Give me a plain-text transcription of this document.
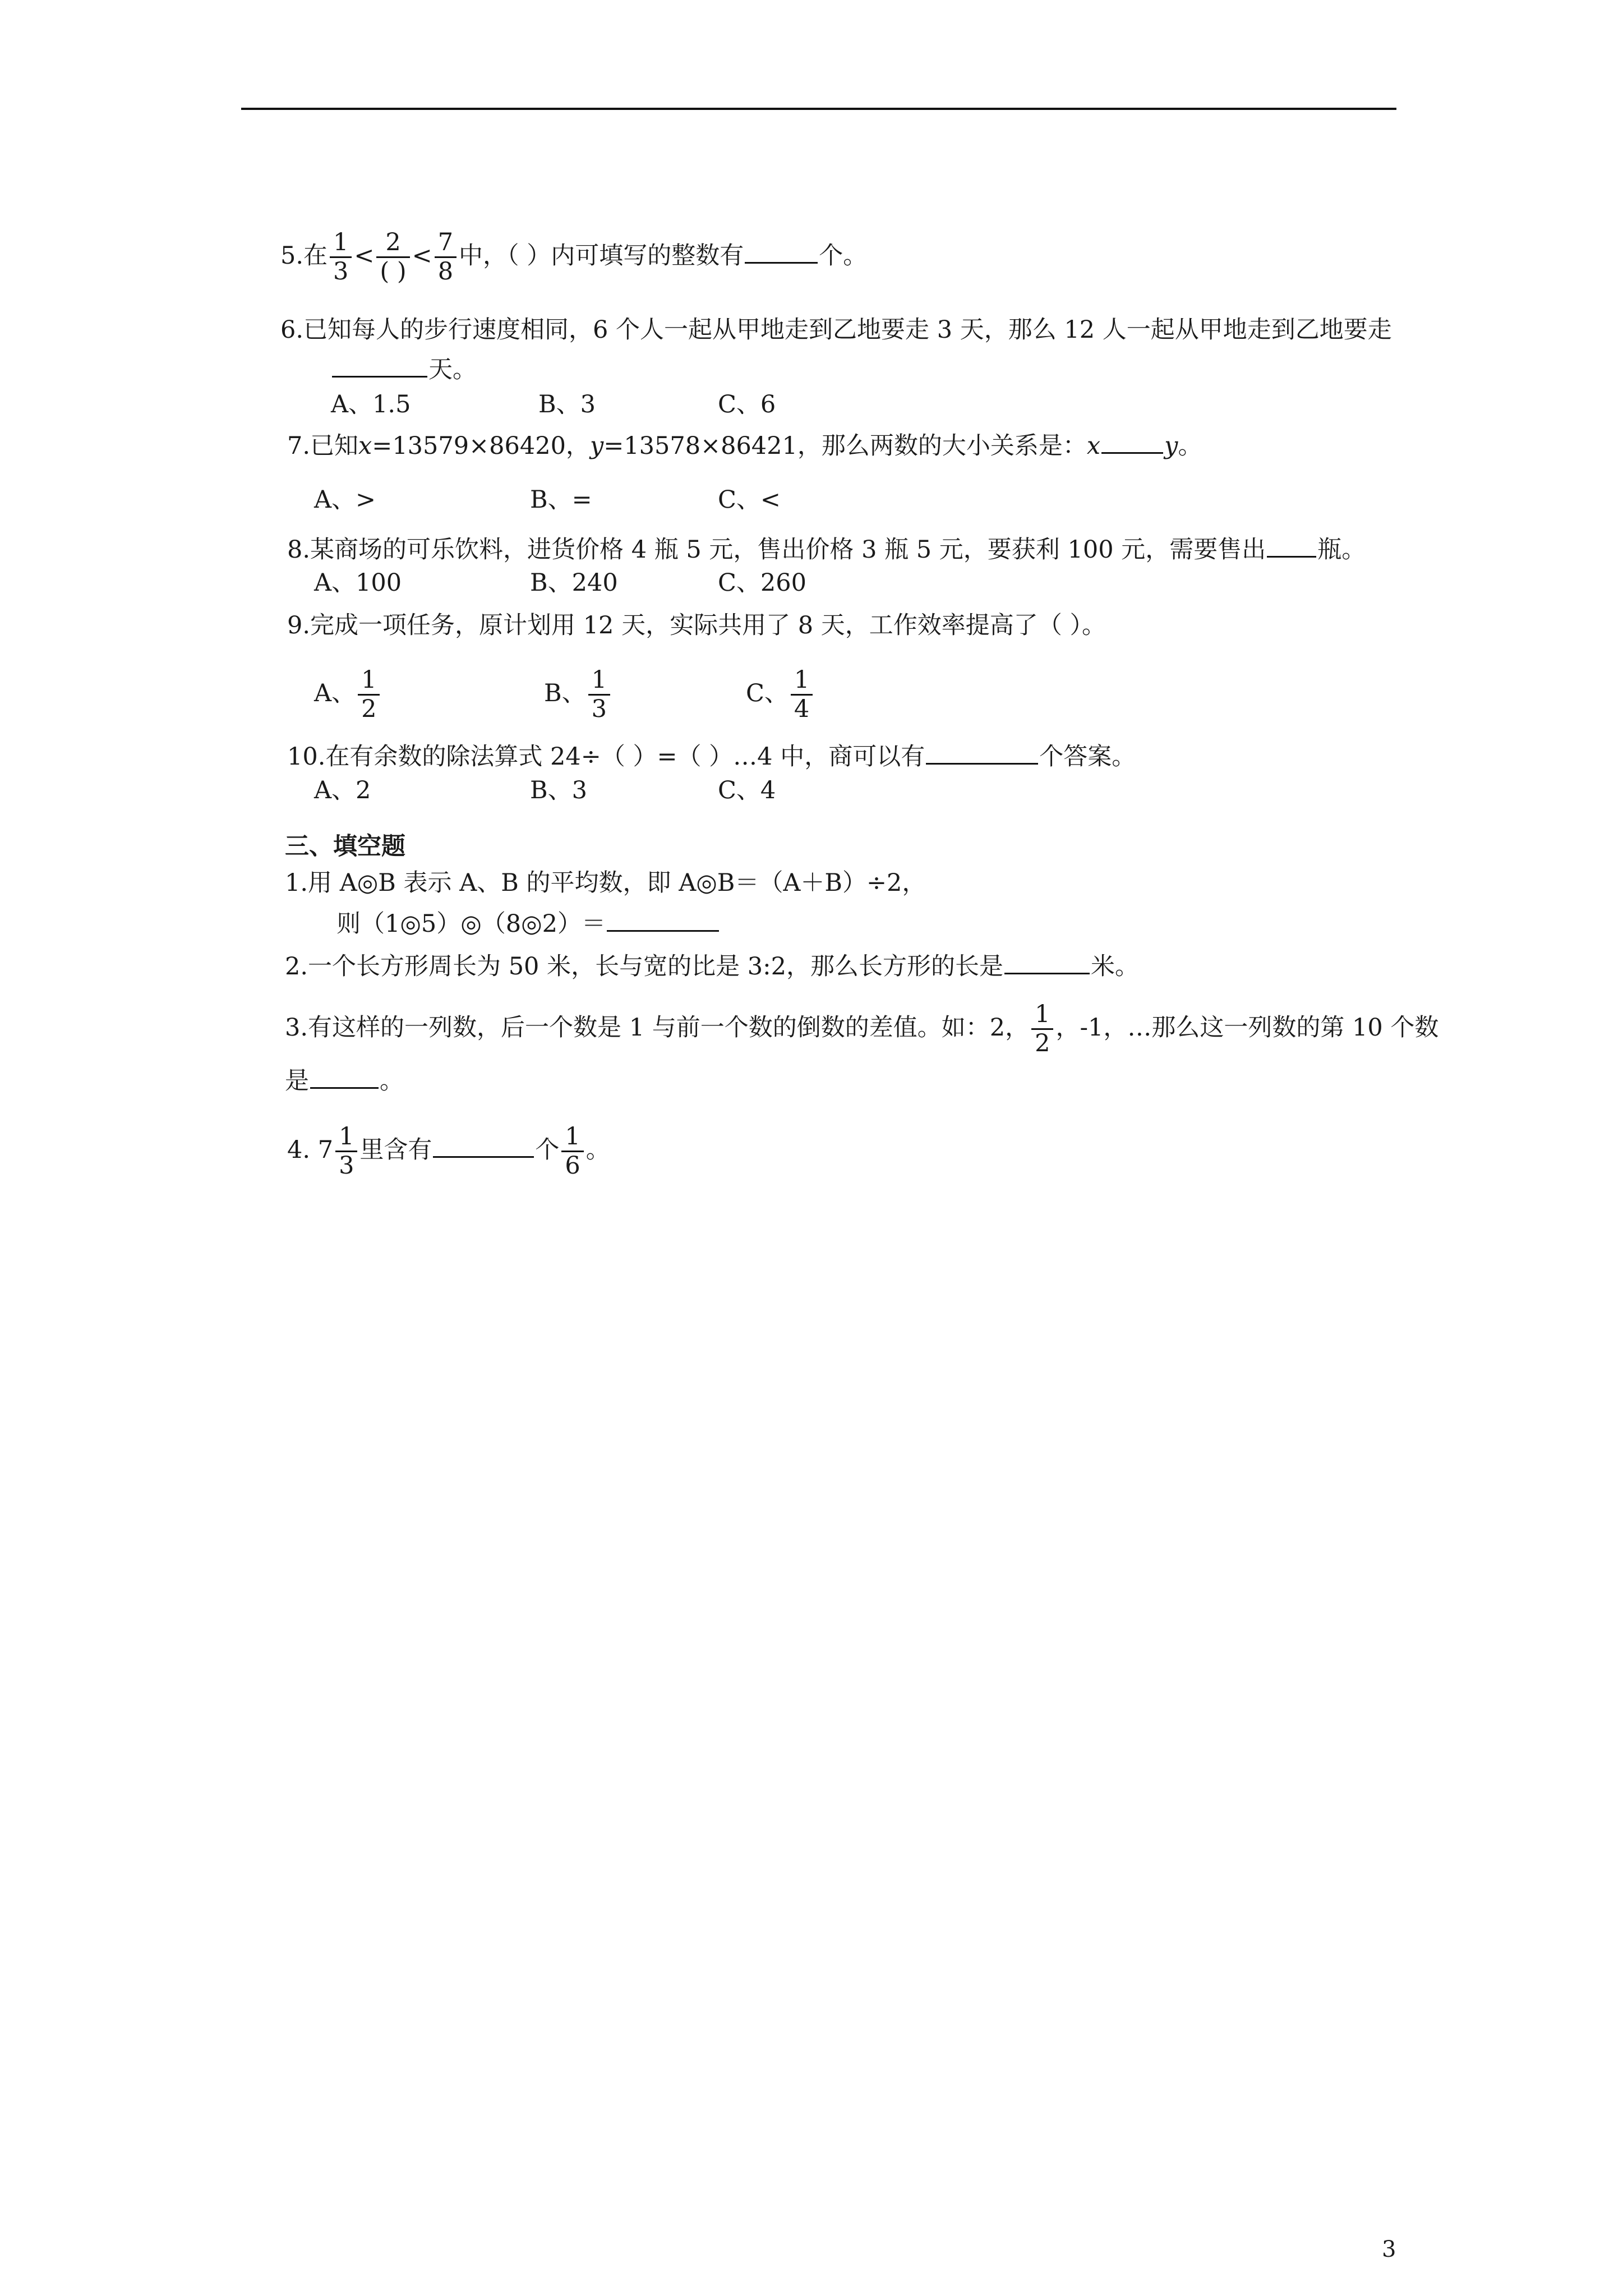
5.在 $\frac{1}{3} < \frac{2}{( )} < \frac{7}{8}$ 中，（ ）内可填写的整数有	个。
6.已知每人的步行速度相同，6 个人一起从甲地走到乙地要走 3 天，那么 12 人一起从甲地走到乙地要走
天。
A、1.5	B、3	C、6
7.已知x=13579×86420，y=13578×86421，那么两数的大小关系是：x	y。
A、>	B、=	C、<
8.某商场的可乐饮料，进货价格 4 瓶 5 元，售出价格 3 瓶 5 元，要获利 100 元，需要售出 瓶。
A、100	B、240	C、260
9.完成一项任务，原计划用 12 天，实际共用了 8 天，工作效率提高了（ ）。
A、 $\frac{1}{2}$	B、 $\frac{1}{3}$	C、 $\frac{1}{4}$
10.在有余数的除法算式 24÷（ ）=（ ）…4 中，商可以有	个答案。
A、2	B、3	C、4
三、填空题
1.用 A◎B 表示 A、B 的平均数，即 A◎B＝（A＋B）÷2，
则（1◎5）◎（8◎2）＝
2.一个长方形周长为 50 米，长与宽的比是 3:2，那么长方形的长是	米。
3.有这样的一列数，后一个数是 1 与前一个数的倒数的差值。如：2， $\frac{1}{2}$ ，-1，…那么这一列数的第 10 个数
是	。
4. $7 \frac{1}{3}$ 里含有	个 $\frac{1}{6}$ 。
3
